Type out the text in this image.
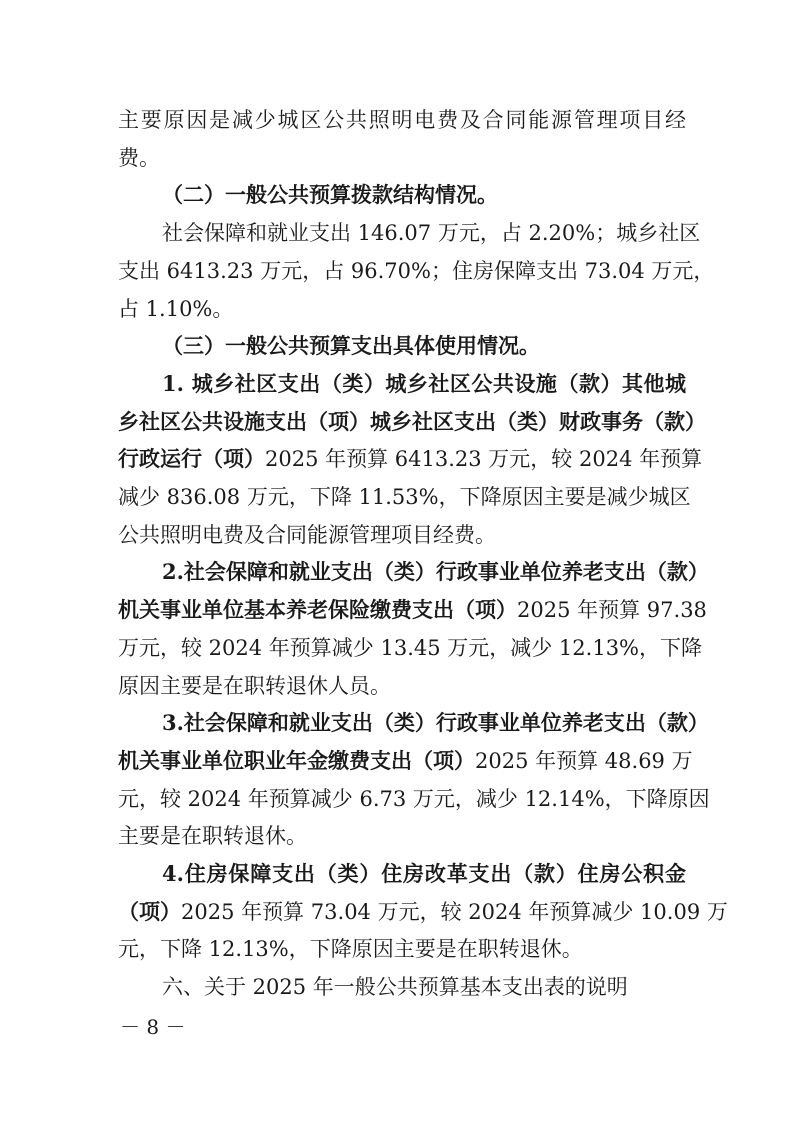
主要原因是减少城区公共照明电费及合同能源管理项目经
费。
（二）一般公共预算拨款结构情况。
社会保障和就业支出 146.07 万元，占 2.20%；城乡社区
支出 6413.23 万元，占 96.70%；住房保障支出 73.04 万元，
占 1.10%。
（三）一般公共预算支出具体使用情况。
1. 城乡社区支出（类）城乡社区公共设施（款）其他城
乡社区公共设施支出（项）城乡社区支出（类）财政事务（款）
行政运行（项）2025 年预算 6413.23 万元，较 2024 年预算
减少 836.08 万元，下降 11.53%，下降原因主要是减少城区
公共照明电费及合同能源管理项目经费。
2.社会保障和就业支出（类）行政事业单位养老支出（款）
机关事业单位基本养老保险缴费支出（项）2025 年预算 97.38
万元，较 2024 年预算减少 13.45 万元，减少 12.13%，下降
原因主要是在职转退休人员。
3.社会保障和就业支出（类）行政事业单位养老支出（款）
机关事业单位职业年金缴费支出（项）2025 年预算 48.69 万
元，较 2024 年预算减少 6.73 万元，减少 12.14%，下降原因
主要是在职转退休。
4.住房保障支出（类）住房改革支出（款）住房公积金
（项）2025 年预算 73.04 万元，较 2024 年预算减少 10.09 万
元，下降 12.13%，下降原因主要是在职转退休。
六、关于 2025 年一般公共预算基本支出表的说明
－ 8 －
